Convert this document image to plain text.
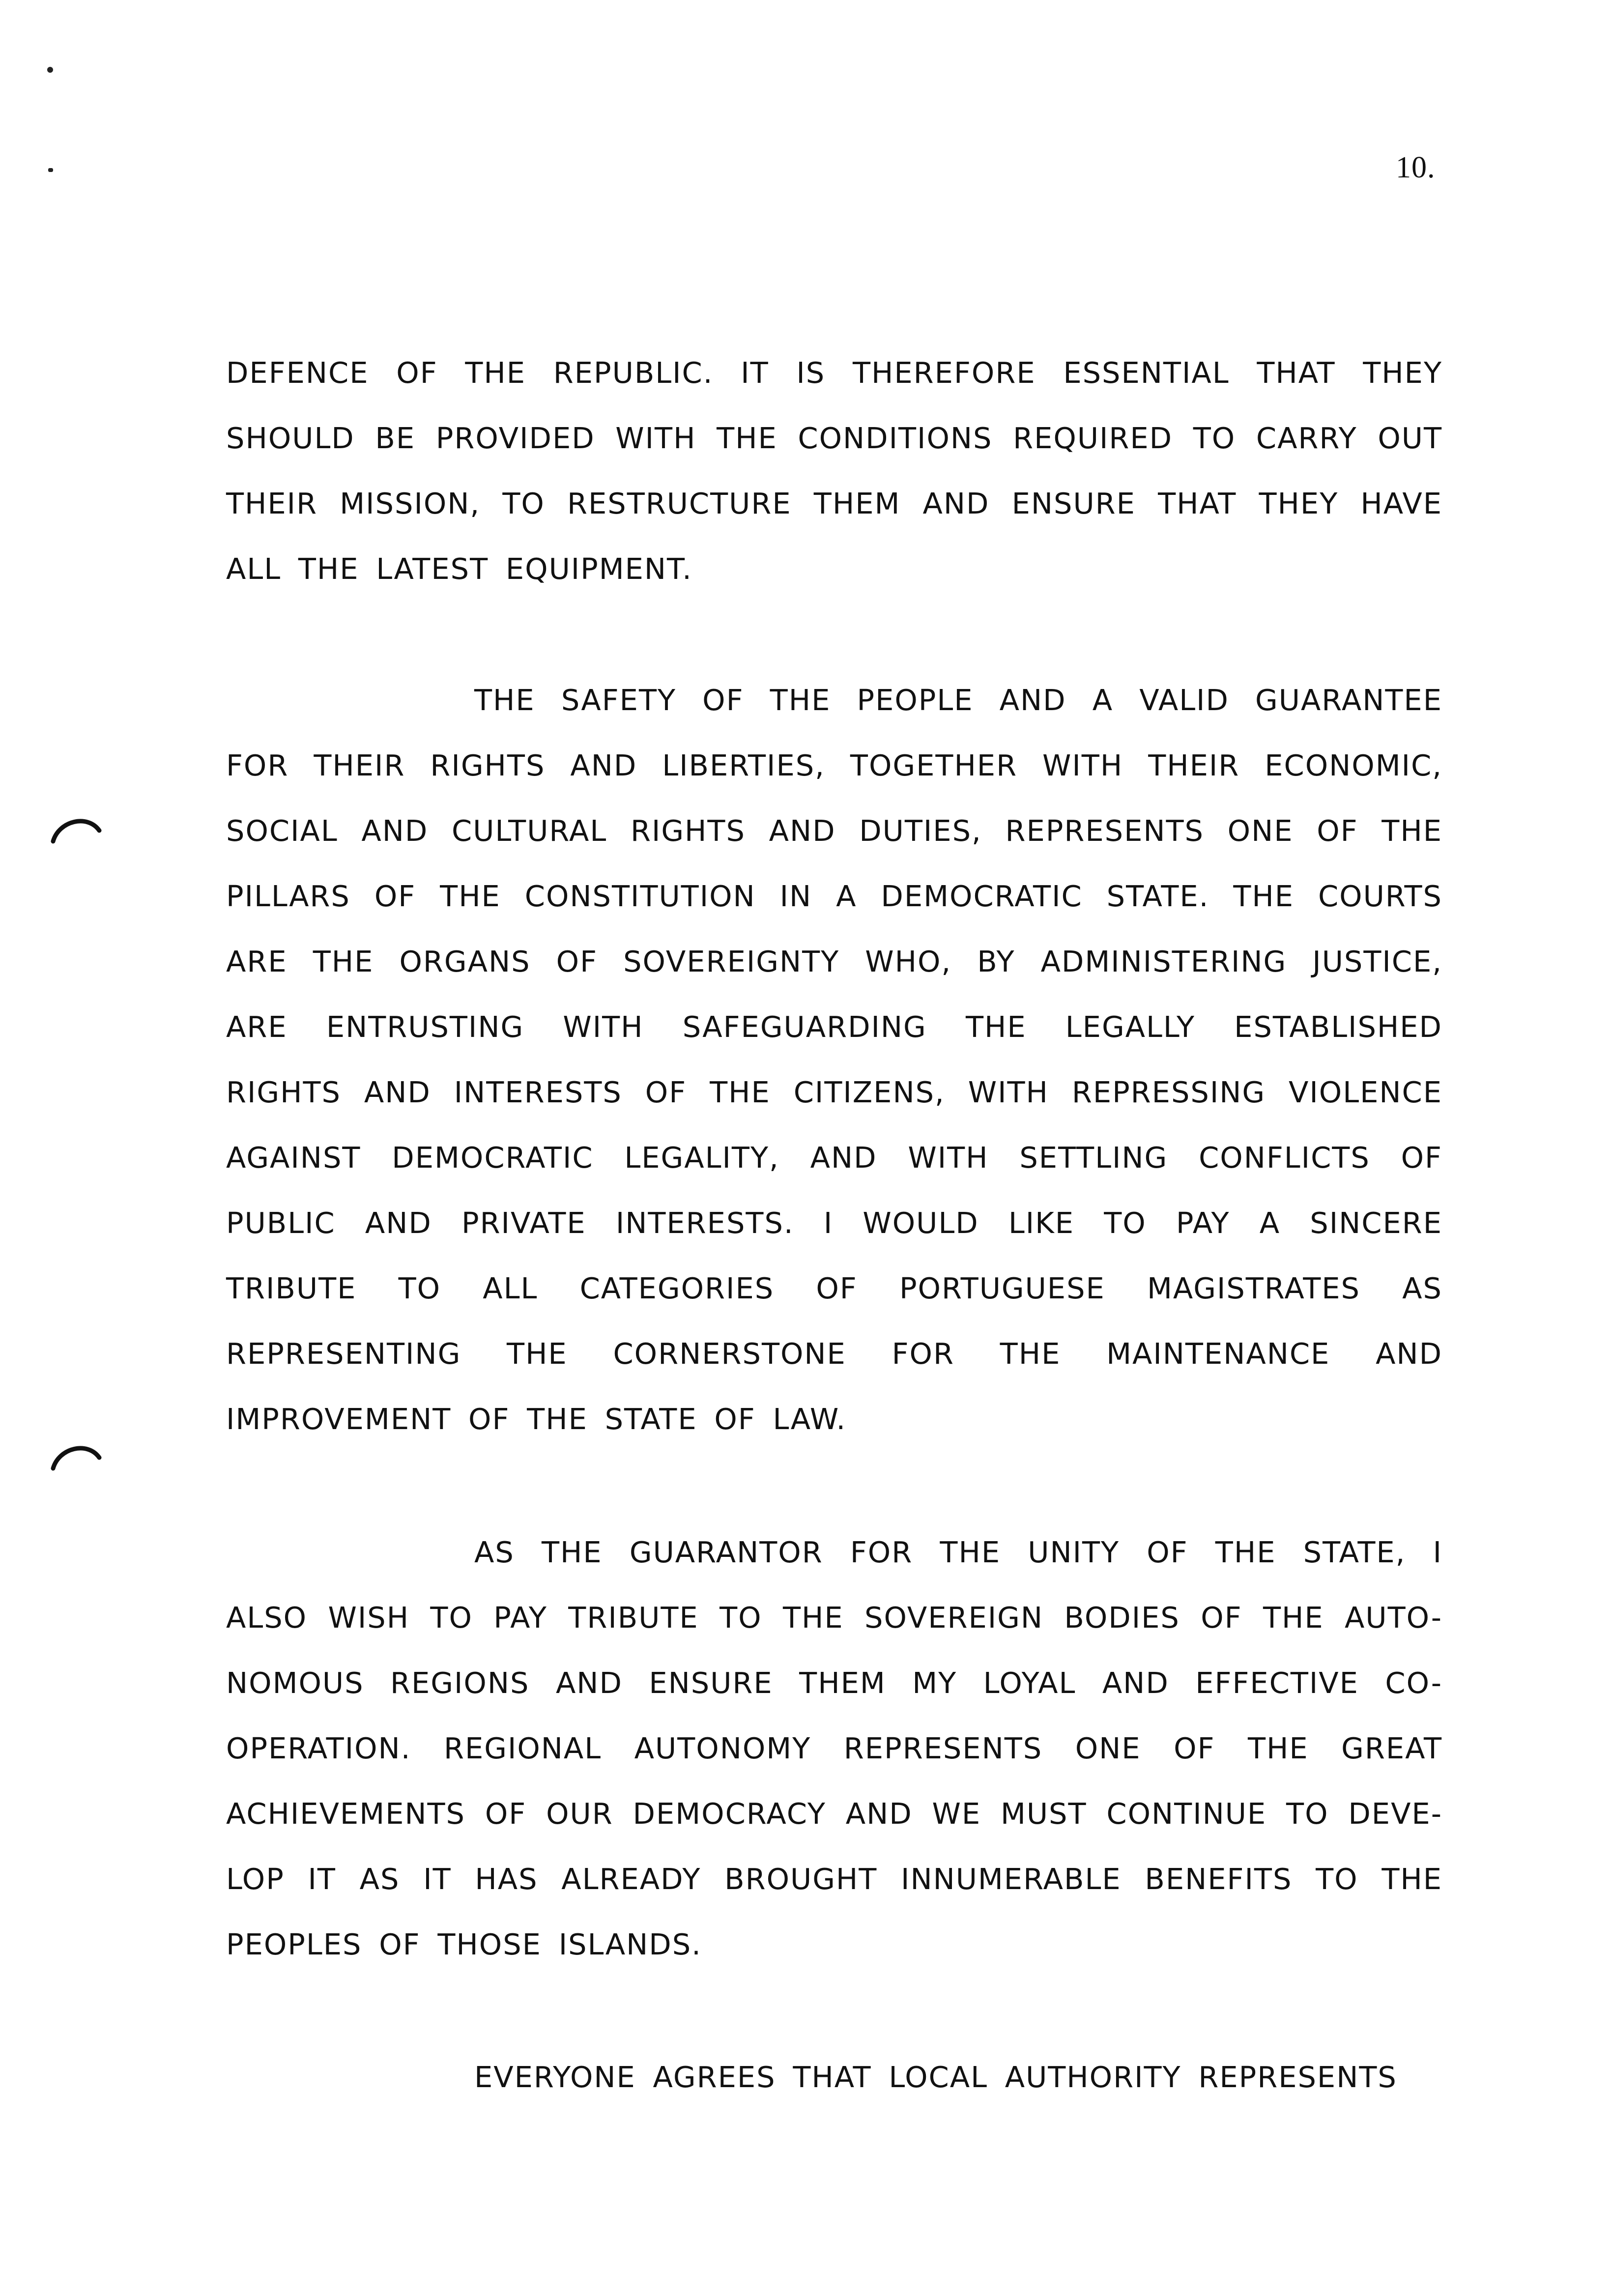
10.

DEFENCE OF THE REPUBLIC. IT IS THEREFORE ESSENTIAL THAT THEY SHOULD BE PROVIDED WITH THE CONDITIONS REQUIRED TO CARRY OUT THEIR MISSION, TO RESTRUCTURE THEM AND ENSURE THAT THEY HAVE ALL THE LATEST EQUIPMENT.

THE SAFETY OF THE PEOPLE AND A VALID GUARANTEE FOR THEIR RIGHTS AND LIBERTIES, TOGETHER WITH THEIR ECONOMIC, SOCIAL AND CULTURAL RIGHTS AND DUTIES, REPRESENTS ONE OF THE PILLARS OF THE CONSTITUTION IN A DEMOCRATIC STATE. THE COURTS ARE THE ORGANS OF SOVEREIGNTY WHO, BY ADMINISTERING JUSTICE, ARE ENTRUSTING WITH SAFEGUARDING THE LEGALLY ESTABLISHED RIGHTS AND INTERESTS OF THE CITIZENS, WITH REPRESSING VIOLENCE AGAINST DEMOCRATIC LEGALITY, AND WITH SETTLING CONFLICTS OF PUBLIC AND PRIVATE INTERESTS. I WOULD LIKE TO PAY A SINCERE TRIBUTE TO ALL CATEGORIES OF PORTUGUESE MAGISTRATES AS REPRESENTING THE CORNERSTONE FOR THE MAINTENANCE AND IMPROVEMENT OF THE STATE OF LAW.

AS THE GUARANTOR FOR THE UNITY OF THE STATE, I ALSO WISH TO PAY TRIBUTE TO THE SOVEREIGN BODIES OF THE AUTO-NOMOUS REGIONS AND ENSURE THEM MY LOYAL AND EFFECTIVE CO-OPERATION. REGIONAL AUTONOMY REPRESENTS ONE OF THE GREAT ACHIEVEMENTS OF OUR DEMOCRACY AND WE MUST CONTINUE TO DEVE-LOP IT AS IT HAS ALREADY BROUGHT INNUMERABLE BENEFITS TO THE PEOPLES OF THOSE ISLANDS.

EVERYONE AGREES THAT LOCAL AUTHORITY REPRESENTS
